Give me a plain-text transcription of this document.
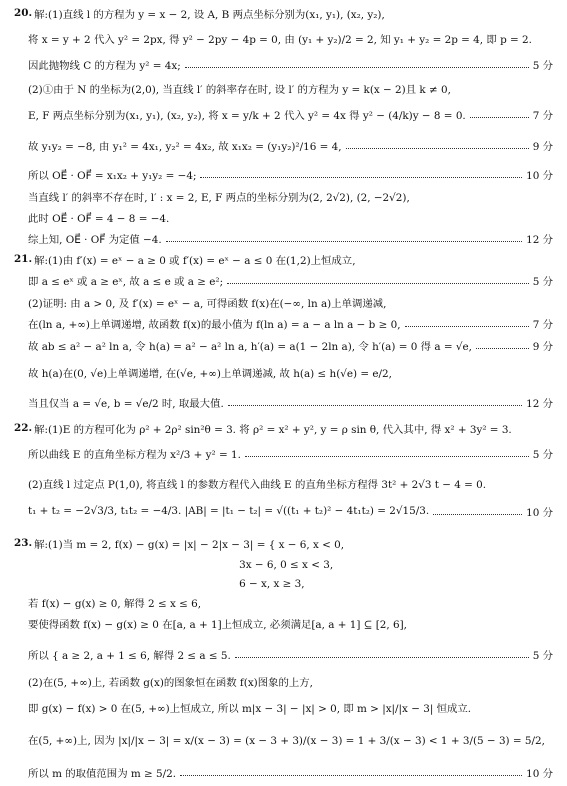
20. 解:(1)直线 l 的方程为 y = x − 2, 设 A, B 两点坐标分别为(x₁, y₁), (x₂, y₂),
将 x = y + 2 代入 y² = 2px, 得 y² − 2py − 4p = 0, 由 (y₁ + y₂)/2 = 2, 知 y₁ + y₂ = 2p = 4, 即 p = 2.
因此抛物线 C 的方程为 y² = 4x;	5 分
(2)①由于 N 的坐标为(2,0), 当直线 l′ 的斜率存在时, 设 l′ 的方程为 y = k(x − 2)且 k ≠ 0,
E, F 两点坐标分别为(x₁, y₁), (x₂, y₂), 将 x = y/k + 2 代入 y² = 4x 得 y² − (4/k)y − 8 = 0.	7 分
故 y₁y₂ = −8, 由 y₁² = 4x₁, y₂² = 4x₂, 故 x₁x₂ = (y₁y₂)²/16 = 4,	9 分
所以 OE⃗ · OF⃗ = x₁x₂ + y₁y₂ = −4;	10 分
当直线 l′ 的斜率不存在时, l′ : x = 2, E, F 两点的坐标分别为(2, 2√2), (2, −2√2),
此时 OE⃗ · OF⃗ = 4 − 8 = −4.
综上知, OE⃗ · OF⃗ 为定值 −4.	12 分
21. 解:(1)由 f′(x) = eˣ − a ≥ 0 或 f′(x) = eˣ − a ≤ 0 在(1,2)上恒成立,
即 a ≤ eˣ 或 a ≥ eˣ, 故 a ≤ e 或 a ≥ e²;	5 分
(2)证明: 由 a > 0, 及 f′(x) = eˣ − a, 可得函数 f(x)在(−∞, ln a)上单调递减,
在(ln a, +∞)上单调递增, 故函数 f(x)的最小值为 f(ln a) = a − a ln a − b ≥ 0,	7 分
故 ab ≤ a² − a² ln a, 令 h(a) = a² − a² ln a, h′(a) = a(1 − 2ln a), 令 h′(a) = 0 得 a = √e,	9 分
故 h(a)在(0, √e)上单调递增, 在(√e, +∞)上单调递减, 故 h(a) ≤ h(√e) = e/2,
当且仅当 a = √e, b = √e/2 时, 取最大值.	12 分
22. 解:(1)E 的方程可化为 ρ² + 2ρ² sin²θ = 3. 将 ρ² = x² + y², y = ρ sin θ, 代入其中, 得 x² + 3y² = 3.
所以曲线 E 的直角坐标方程为 x²/3 + y² = 1.	5 分
(2)直线 l 过定点 P(1,0), 将直线 l 的参数方程代入曲线 E 的直角坐标方程得 3t² + 2√3 t − 4 = 0.
t₁ + t₂ = −2√3/3, t₁t₂ = −4/3. |AB| = |t₁ − t₂| = √((t₁ + t₂)² − 4t₁t₂) = 2√15/3.	10 分
23. 解:(1)当 m = 2, f(x) − g(x) = |x| − 2|x − 3| = { x − 6, x < 0,
　　　　　　　　　　　　　　　　　　　　 3x − 6, 0 ≤ x < 3,
　　　　　　　　　　　　　　　　　　　　 6 − x, x ≥ 3,
若 f(x) − g(x) ≥ 0, 解得 2 ≤ x ≤ 6,
要使得函数 f(x) − g(x) ≥ 0 在[a, a + 1]上恒成立, 必须满足[a, a + 1] ⊆ [2, 6],
所以 { a ≥ 2, a + 1 ≤ 6, 解得 2 ≤ a ≤ 5.	5 分
(2)在(5, +∞)上, 若函数 g(x)的图象恒在函数 f(x)图象的上方,
即 g(x) − f(x) > 0 在(5, +∞)上恒成立, 所以 m|x − 3| − |x| > 0, 即 m > |x|/|x − 3| 恒成立.
在(5, +∞)上, 因为 |x|/|x − 3| = x/(x − 3) = (x − 3 + 3)/(x − 3) = 1 + 3/(x − 3) < 1 + 3/(5 − 3) = 5/2,
所以 m 的取值范围为 m ≥ 5/2.	10 分
